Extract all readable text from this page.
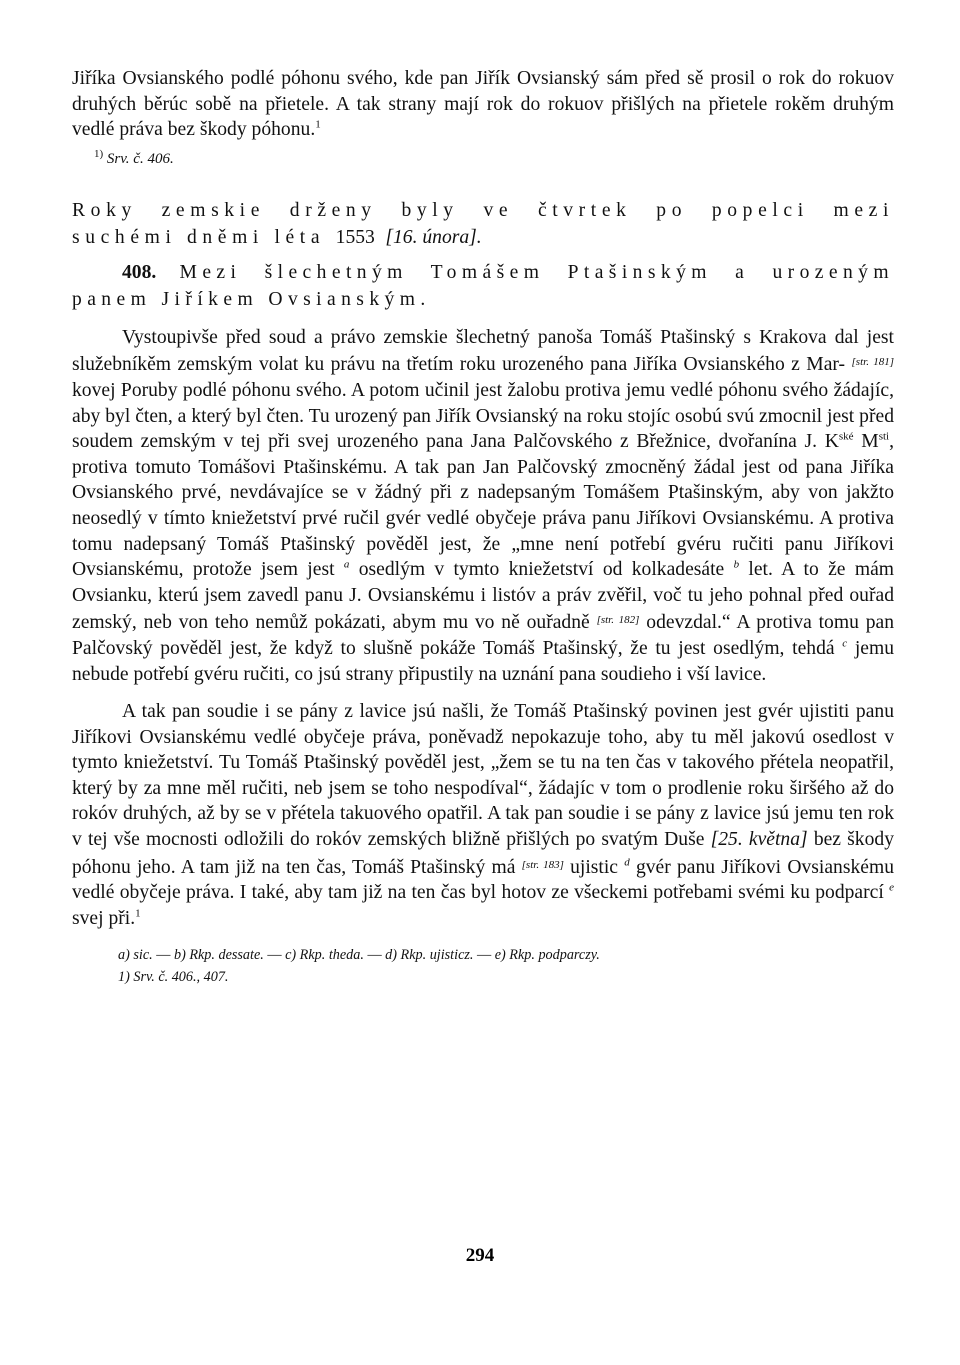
Jiříka Ovsianského podlé póhonu svého, kde pan Jiřík Ovsianský sám před sě prosil o rok do rokuov druhých běrúc sobě na přietele. A tak strany mají rok do rokuov přišlých na přietele rokěm druhým vedlé práva bez škody póhonu.$^1$

$^{1)}$ Srv. č. 406.

Roky zemskie drženy byly ve čtvrtek po popelci mezi suchémi dněmi léta 1553 [16. února].

408. Mezi šlechetným Tomášem Ptašinským a urozeným panem Jiříkem Ovsianským.

Vystoupivše před soud a právo zemskie šlechetný panoša Tomáš Ptašinský s Krakova dal jest služebníkěm zemským volat ku právu na třetím roku urozeného pana Jiříka Ovsianského z Mar- [str. 181] kovej Poruby podlé póhonu svého. A potom učinil jest žalobu protiva jemu vedlé póhonu svého žádajíc, aby byl čten, a který byl čten. Tu urozený pan Jiřík Ovsianský na roku stojíc osobú svú zmocnil jest před soudem zemským v tej při svej urozeného pana Jana Palčovského z Břežnice, dvořanína J. $K^{ské}$ $M^{sti}$, protiva tomuto Tomášovi Ptašinskému. A tak pan Jan Palčovský zmocněný žádal jest od pana Jiříka Ovsianského prvé, nevdávajíce se v žádný při z nadepsaným Tomášem Ptašinským, aby von jakžto neosedlý v tímto kniežetství prvé ručil gvér vedlé obyčeje práva panu Jiříkovi Ovsianskému. A protiva tomu nadepsaný Tomáš Ptašinský pověděl jest, že „mne není potřebí gvéru ručiti panu Jiříkovi Ovsianskému, protože jsem jest $^a$ osedlým v tymto kniežetství od kolkadesáte $^b$ let. A to že mám Ovsianku, kterú jsem zavedl panu J. Ovsianskému i listóv a práv zvěřil, voč tu jeho pohnal před ouřad zemský, neb von teho nemůž pokázati, abym mu vo ně ouřadně [str. 182] odevzdal.“ A protiva tomu pan Palčovský pověděl jest, že když to slušně pokáže Tomáš Ptašinský, že tu jest osedlým, tehdá $^c$ jemu nebude potřebí gvéru ručiti, co jsú strany připustily na uznání pana soudieho i vší lavice.

A tak pan soudie i se pány z lavice jsú našli, že Tomáš Ptašinský povinen jest gvér ujistiti panu Jiříkovi Ovsianskému vedlé obyčeje práva, poněvadž nepokazuje toho, aby tu měl jakovú osedlost v tymto kniežetství. Tu Tomáš Ptašinský pověděl jest, „žem se tu na ten čas v takového přétela neopatřil, který by za mne měl ručiti, neb jsem se toho nespodíval“, žádajíc v tom o prodlenie roku širšého až do rokóv druhých, až by se v přétela takuového opatřil. A tak pan soudie i se pány z lavice jsú jemu ten rok v tej vše mocnosti odložili do rokóv zemských bližně přišlých po svatým Duše [25. května] bez škody póhonu jeho. A tam již na ten čas, Tomáš Ptašinský má [str. 183] ujistic $^d$ gvér panu Jiříkovi Ovsianskému vedlé obyčeje práva. I také, aby tam již na ten čas byl hotov ze všeckemi potřebami svémi ku podparcí $^e$ svej při.$^1$

a) sic. — b) Rkp. dessate. — c) Rkp. theda. — d) Rkp. ujisticz. — e) Rkp. podparczy.
1) Srv. č. 406., 407.
294
